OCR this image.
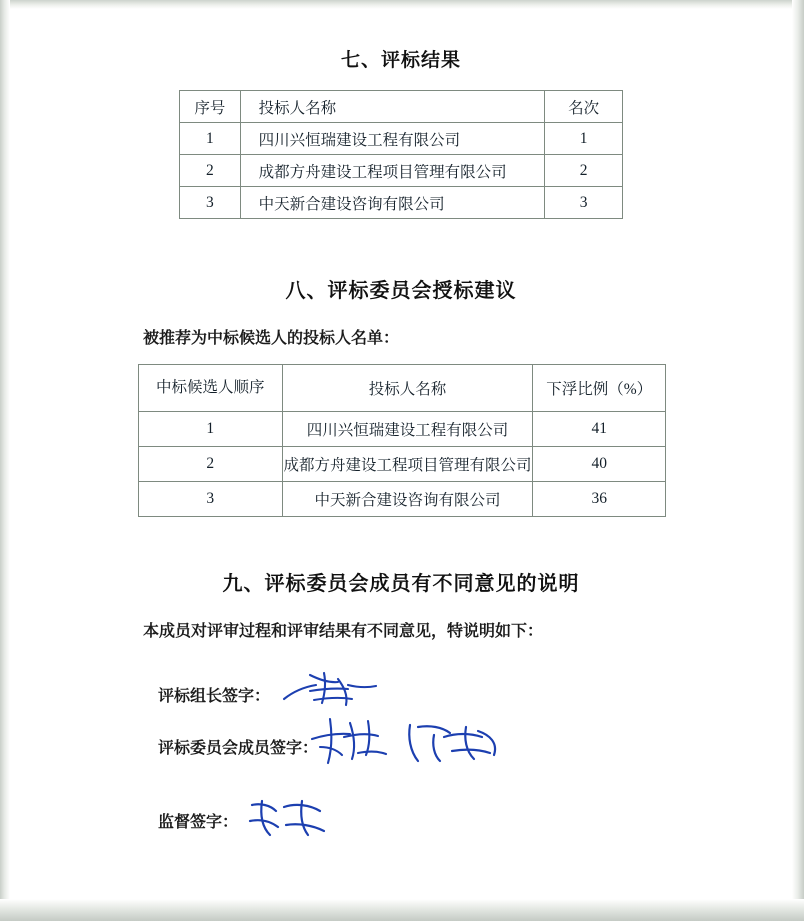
七、评标结果
序号	投标人名称	名次
1	四川兴恒瑞建设工程有限公司	1
2	成都方舟建设工程项目管理有限公司	2
3	中天新合建设咨询有限公司	3
八、评标委员会授标建议
被推荐为中标候选人的投标人名单：
中标候选人顺序	投标人名称	下浮比例（%）
1	四川兴恒瑞建设工程有限公司	41
2	成都方舟建设工程项目管理有限公司	40
3	中天新合建设咨询有限公司	36
九、评标委员会成员有不同意见的说明
本成员对评审过程和评审结果有不同意见，特说明如下：
评标组长签字：
评标委员会成员签字：
监督签字：
